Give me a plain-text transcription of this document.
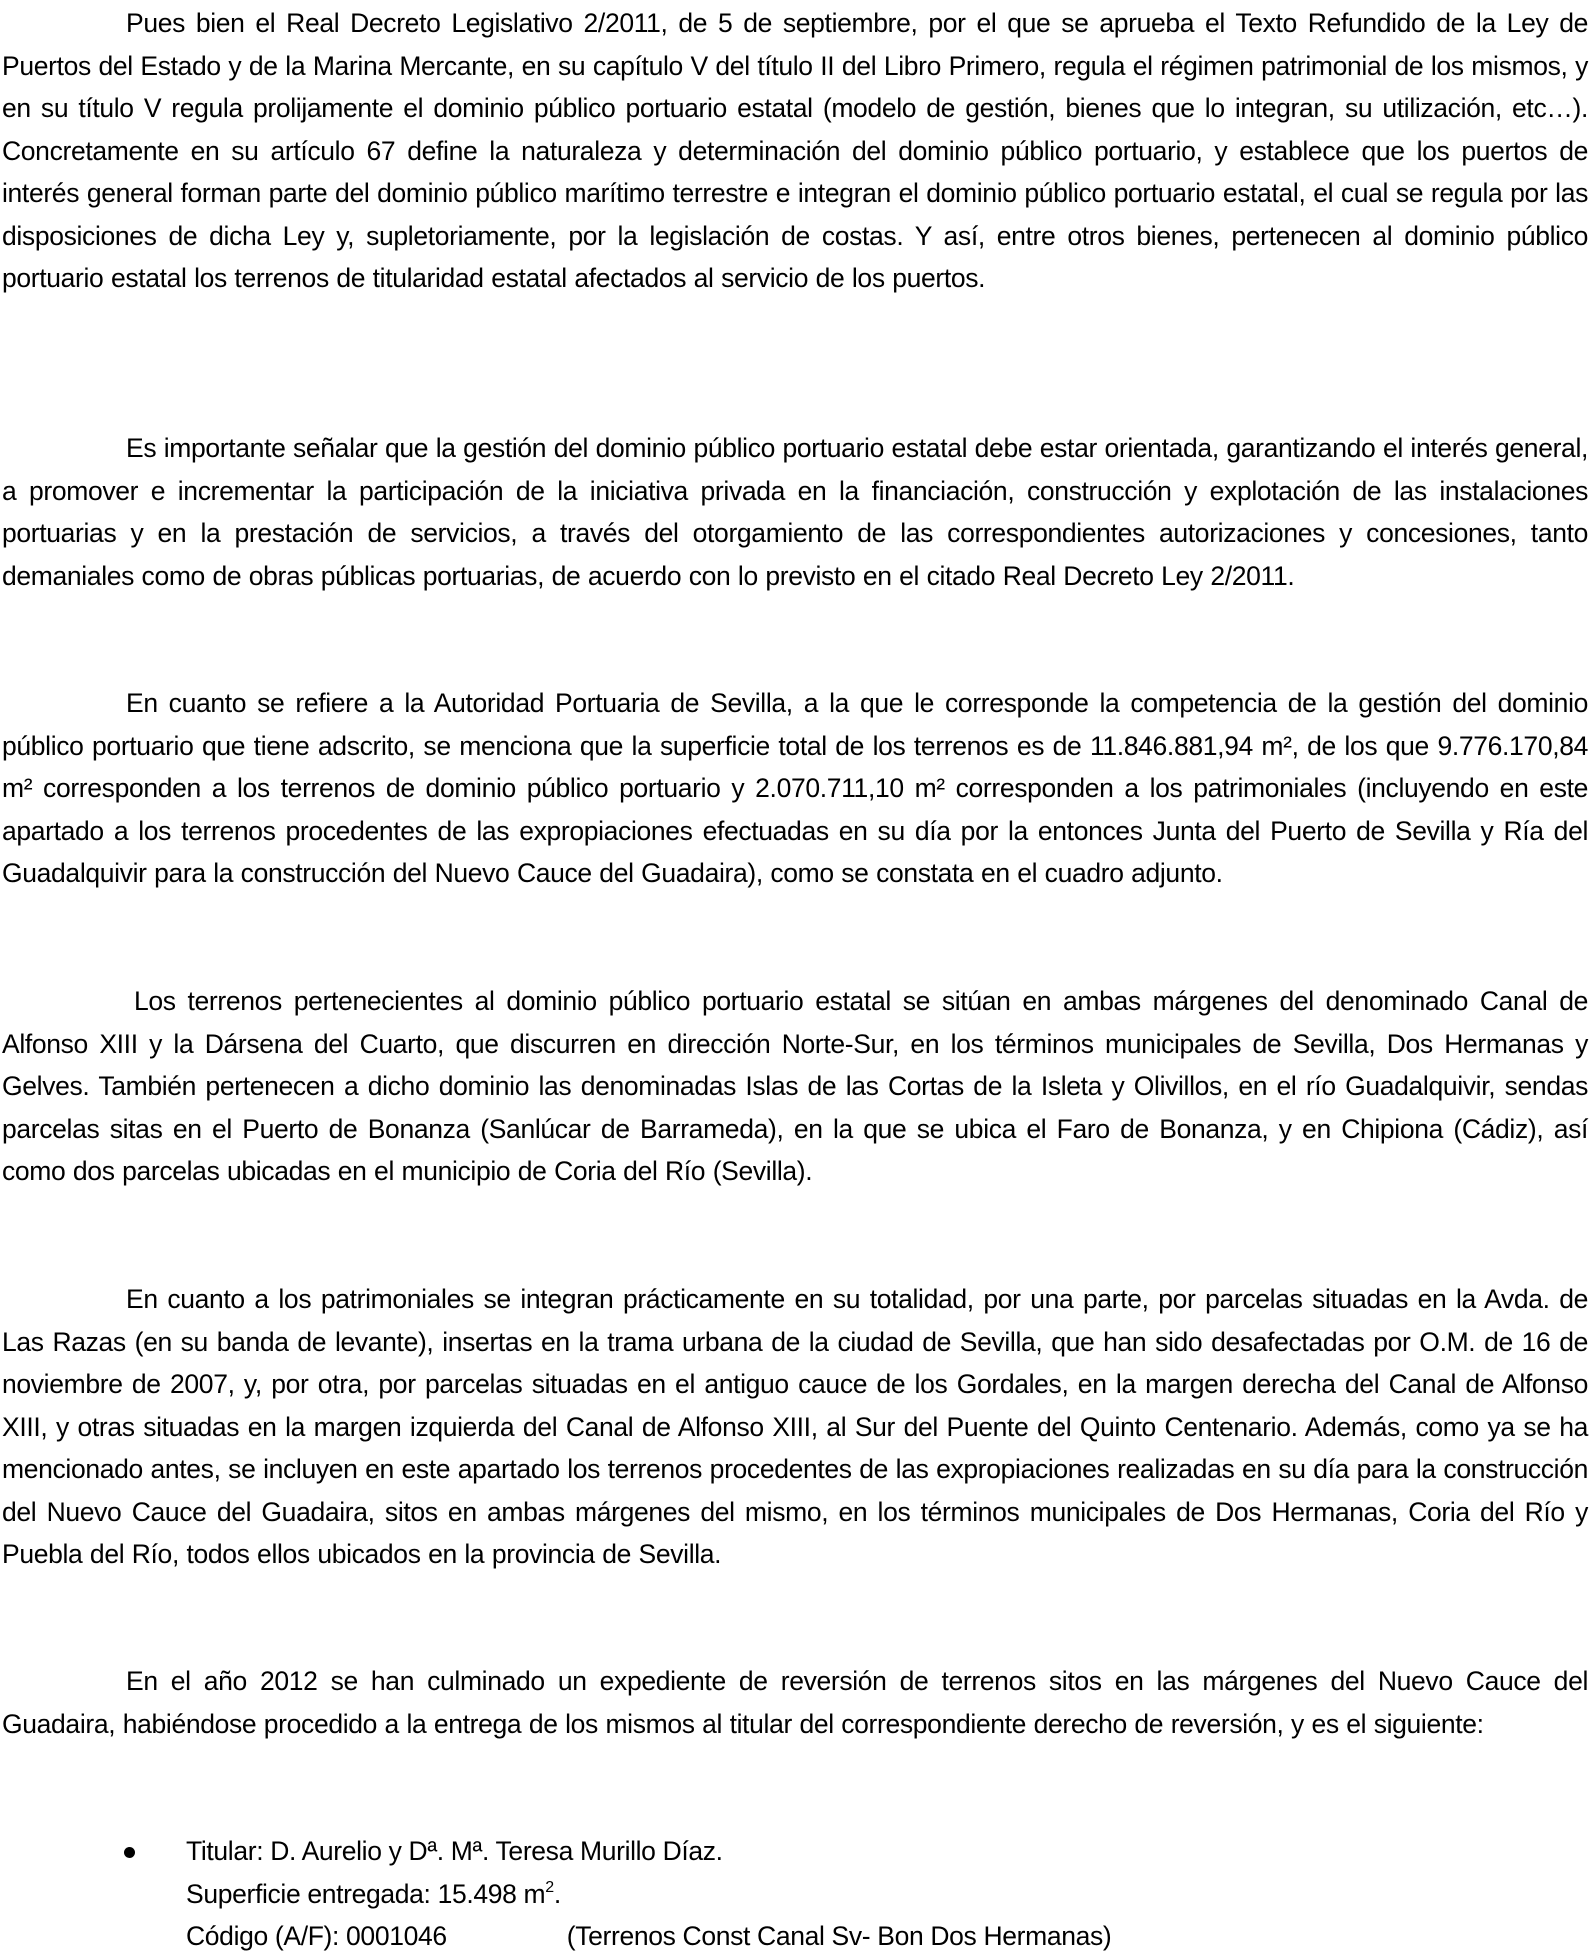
Pues bien el Real Decreto Legislativo 2/2011, de 5 de septiembre, por el que se aprueba el Texto Refundido de la Ley de Puertos del Estado y de la Marina Mercante, en su capítulo V del título II del Libro Primero, regula el régimen patrimonial de los mismos, y en su título V regula prolijamente el dominio público portuario estatal (modelo de gestión, bienes que lo integran, su utilización, etc…). Concretamente en su artículo 67 define la naturaleza y determinación del dominio público portuario, y establece que los puertos de interés general forman parte del dominio público marítimo terrestre e integran el dominio público portuario estatal, el cual se regula por las disposiciones de dicha Ley y, supletoriamente, por la legislación de costas. Y así, entre otros bienes, pertenecen al dominio público portuario estatal los terrenos de titularidad estatal afectados al servicio de los puertos.

Es importante señalar que la gestión del dominio público portuario estatal debe estar orientada, garantizando el interés general, a promover e incrementar la participación de la iniciativa privada en la financiación, construcción y explotación de las instalaciones portuarias y en la prestación de servicios, a través del otorgamiento de las correspondientes autorizaciones y concesiones, tanto demaniales como de obras públicas portuarias, de acuerdo con lo previsto en el citado Real Decreto Ley 2/2011.

En cuanto se refiere a la Autoridad Portuaria de Sevilla, a la que le corresponde la competencia de la gestión del dominio público portuario que tiene adscrito, se menciona que la superficie total de los terrenos es de 11.846.881,94 m², de los que 9.776.170,84 m² corresponden a los terrenos de dominio público portuario y 2.070.711,10 m² corresponden a los patrimoniales (incluyendo en este apartado a los terrenos procedentes de las expropiaciones efectuadas en su día por la entonces Junta del Puerto de Sevilla y Ría del Guadalquivir para la construcción del Nuevo Cauce del Guadaira), como se constata en el cuadro adjunto.

Los terrenos pertenecientes al dominio público portuario estatal se sitúan en ambas márgenes del denominado Canal de Alfonso XIII y la Dársena del Cuarto, que discurren en dirección Norte-Sur, en los términos municipales de Sevilla, Dos Hermanas y Gelves. También pertenecen a dicho dominio las denominadas Islas de las Cortas de la Isleta y Olivillos, en el río Guadalquivir, sendas parcelas sitas en el Puerto de Bonanza (Sanlúcar de Barrameda), en la que se ubica el Faro de Bonanza, y en Chipiona (Cádiz), así como dos parcelas ubicadas en el municipio de Coria del Río (Sevilla).

En cuanto a los patrimoniales se integran prácticamente en su totalidad, por una parte, por parcelas situadas en la Avda. de Las Razas (en su banda de levante), insertas en la trama urbana de la ciudad de Sevilla, que han sido desafectadas por O.M. de 16 de noviembre de 2007, y, por otra, por parcelas situadas en el antiguo cauce de los Gordales, en la margen derecha del Canal de Alfonso XIII, y otras situadas en la margen izquierda del Canal de Alfonso XIII, al Sur del Puente del Quinto Centenario. Además, como ya se ha mencionado antes, se incluyen en este apartado los terrenos procedentes de las expropiaciones realizadas en su día para la construcción del Nuevo Cauce del Guadaira, sitos en ambas márgenes del mismo, en los términos municipales de Dos Hermanas, Coria del Río y Puebla del Río, todos ellos ubicados en la provincia de Sevilla.

En el año 2012 se han culminado un expediente de reversión de terrenos sitos en las márgenes del Nuevo Cauce del Guadaira, habiéndose procedido a la entrega de los mismos al titular del correspondiente derecho de reversión, y es el siguiente:

Titular: D. Aurelio y Dª. Mª. Teresa Murillo Díaz.
Superficie entregada: 15.498 $m^2$.
Código (A/F): 0001046	(Terrenos Const Canal Sv- Bon Dos Hermanas)
